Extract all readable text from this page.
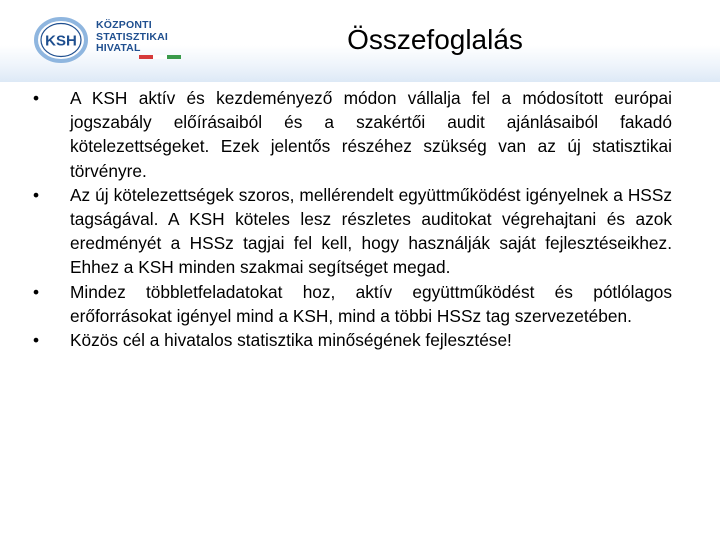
KSH
KÖZPONTI
STATISZTIKAI
HIVATAL	Összefoglalás
• A KSH aktív és kezdeményező módon vállalja fel a módosított európai jogszabály előírásaiból és a szakértői audit ajánlásaiból fakadó kötelezettségeket. Ezek jelentős részéhez szükség van az új statisztikai törvényre.
• Az új kötelezettségek szoros, mellérendelt együttműködést igényelnek a HSSz tagságával. A KSH köteles lesz részletes auditokat végrehajtani és azok eredményét a HSSz tagjai fel kell, hogy használják saját fejlesztéseikhez. Ehhez a KSH minden szakmai segítséget megad.
• Mindez többletfeladatokat hoz, aktív együttműködést és pótlólagos erőforrásokat igényel mind a KSH, mind a többi HSSz tag szervezetében.
• Közös cél a hivatalos statisztika minőségének fejlesztése!
